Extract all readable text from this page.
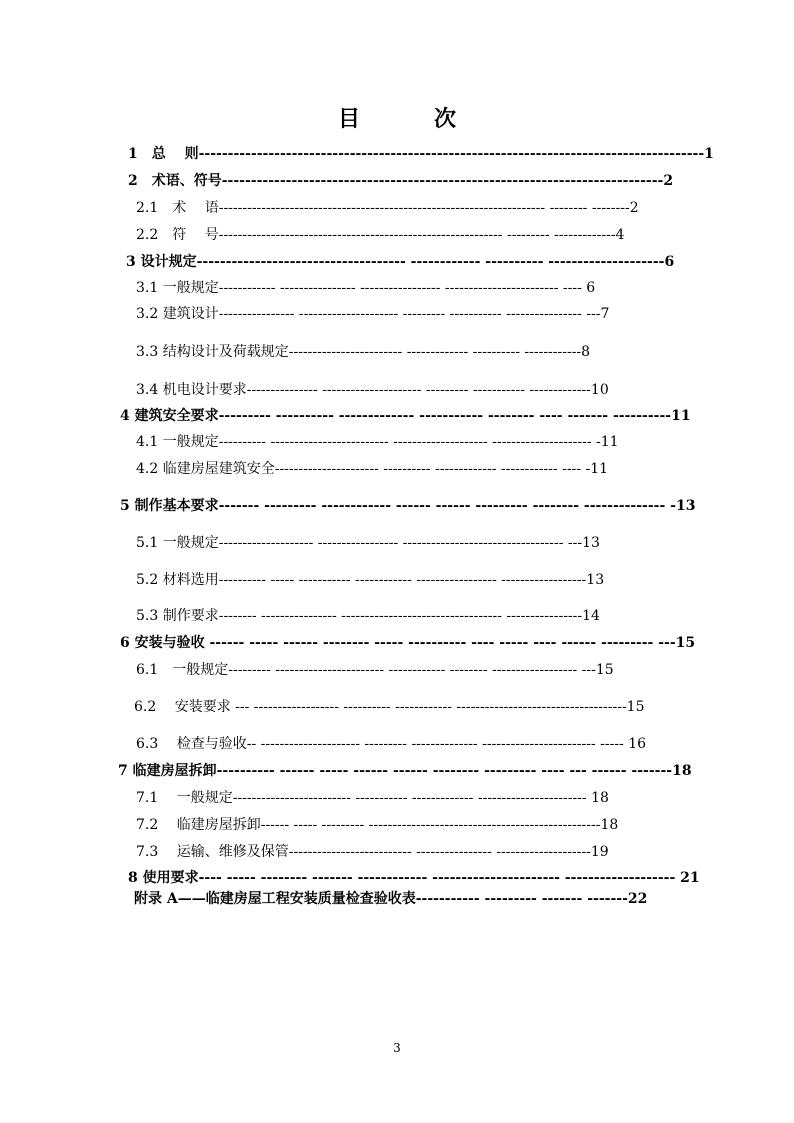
目　次
1　总　 则---------------------------------------------------------------------------------------1
2　术语、符号----------------------------------------------------------------------------2
2.1　术　 语--------------------------------------------------------------------- -------- --------2
2.2　符　 号------------------------------------------------------------ --------- -------------4
3 设计规定------------------------------------ ------------ ---------- --------------------6
3.1 一般规定------------ ---------------- ----------------- ------------------------ ---- 6
3.2 建筑设计---------------- --------------------- --------- ----------- ---------------- ---7
3.3 结构设计及荷载规定------------------------ ------------- ---------- ------------8
3.4 机电设计要求--------------- --------------------- --------- ----------- -------------10
4 建筑安全要求--------- ---------- ------------- ----------- -------- ---- ------- ----------11
4.1 一般规定---------- ------------------------- -------------------- --------------------- -11
4.2 临建房屋建筑安全---------------------- ---------- ------------- ------------ ---- -11
5 制作基本要求------- --------- ------------ ------ ------ --------- -------- -------------- -13
5.1 一般规定-------------------- ----------------- ---------------------------------- ---13
5.2 材料选用---------- ----- ----------- ------------ ----------------- ------------------13
5.3 制作要求-------- ---------------- ---------------------------------- ----------------14
6 安装与验收 ------ ----- ------ -------- ----- ---------- ---- ----- ---- ------ --------- ---15
6.1　一般规定--------- ----------------------- ------------ -------- ------------------ ---15
6.2　 安装要求 --- ------------------ ---------- ------------ ------------------------------------15
6.3　 检查与验收-- --------------------- --------- -------------- ------------------------ ----- 16
7 临建房屋拆卸---------- ------ ----- ------ ------ -------- --------- ---- --- ------ -------18
7.1　 一般规定------------------------- ----------- ------------- ----------------------- 18
7.2　 临建房屋拆卸------ ----- --------- -------------------------------------------------18
7.3　 运输、维修及保管-------------------------- ---------------- --------------------19
8 使用要求---- ----- -------- ------- ------------ ---------------------- ------------------- 21
附录 A——临建房屋工程安装质量检查验收表----------- --------- ------- -------22
3
